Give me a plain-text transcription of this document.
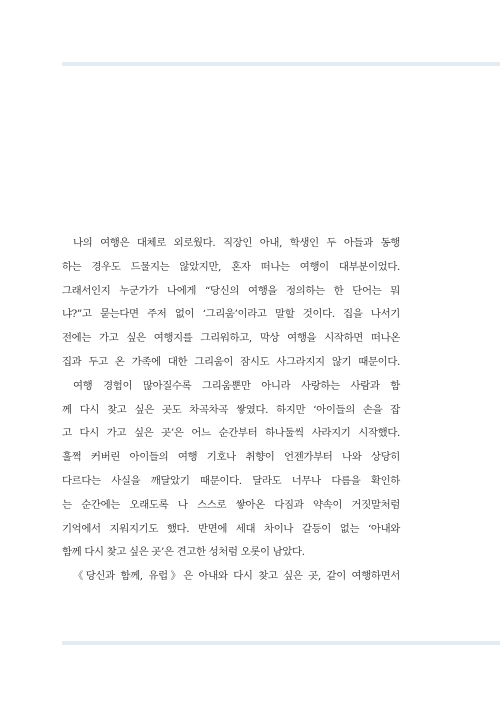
나의 여행은 대체로 외로웠다. 직장인 아내, 학생인 두 아들과 동행
하는 경우도 드물지는 않았지만, 혼자 떠나는 여행이 대부분이었다.
그래서인지 누군가가 나에게 “당신의 여행을 정의하는 한 단어는 뭐
냐?”고 묻는다면 주저 없이 ‘그리움’이라고 말할 것이다. 집을 나서기
전에는 가고 싶은 여행지를 그리워하고, 막상 여행을 시작하면 떠나온
집과 두고 온 가족에 대한 그리움이 잠시도 사그라지지 않기 때문이다.
여행 경험이 많아질수록 그리움뿐만 아니라 사랑하는 사람과 함
께 다시 찾고 싶은 곳도 차곡차곡 쌓였다. 하지만 ‘아이들의 손을 잡
고 다시 가고 싶은 곳’은 어느 순간부터 하나둘씩 사라지기 시작했다.
훌쩍 커버린 아이들의 여행 기호나 취향이 언젠가부터 나와 상당히
다르다는 사실을 깨달았기 때문이다. 달라도 너무나 다름을 확인하
는 순간에는 오래도록 나 스스로 쌓아온 다짐과 약속이 거짓말처럼
기억에서 지워지기도 했다. 반면에 세대 차이나 갈등이 없는 ‘아내와
함께 다시 찾고 싶은 곳’은 견고한 성처럼 오롯이 남았다.
《당신과 함께, 유럽》은 아내와 다시 찾고 싶은 곳, 같이 여행하면서
